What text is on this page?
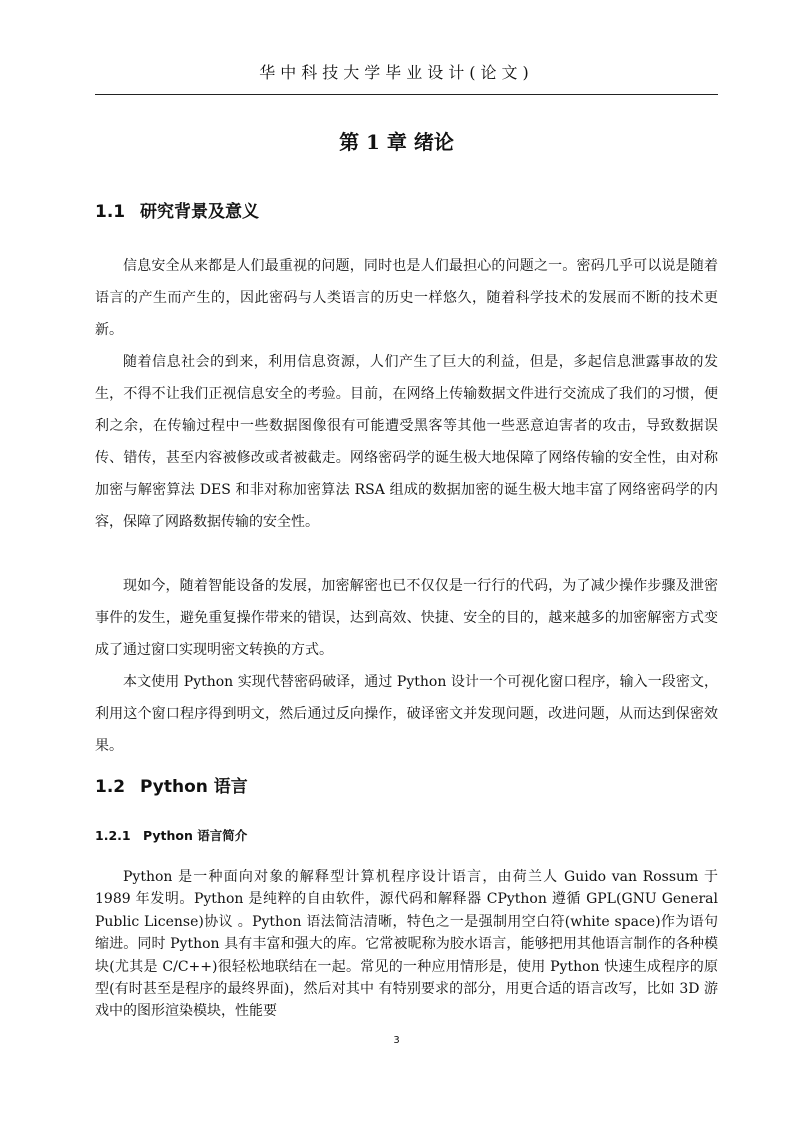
华中科技大学毕业设计(论文)
第 1 章 绪论
1.1 研究背景及意义

信息安全从来都是人们最重视的问题，同时也是人们最担心的问题之一。密码几乎可以说是随着语言的产生而产生的，因此密码与人类语言的历史一样悠久，随着科学技术的发展而不断的技术更新。

随着信息社会的到来，利用信息资源，人们产生了巨大的利益，但是，多起信息泄露事故的发生，不得不让我们正视信息安全的考验。目前，在网络上传输数据文件进行交流成了我们的习惯，便利之余，在传输过程中一些数据图像很有可能遭受黑客等其他一些恶意迫害者的攻击，导致数据误传、错传，甚至内容被修改或者被截走。网络密码学的诞生极大地保障了网络传输的安全性，由对称加密与解密算法 DES 和非对称加密算法 RSA 组成的数据加密的诞生极大地丰富了网络密码学的内容，保障了网路数据传输的安全性。

现如今，随着智能设备的发展，加密解密也已不仅仅是一行行的代码，为了减少操作步骤及泄密事件的发生，避免重复操作带来的错误，达到高效、快捷、安全的目的，越来越多的加密解密方式变成了通过窗口实现明密文转换的方式。

本文使用 Python 实现代替密码破译，通过 Python 设计一个可视化窗口程序，输入一段密文，利用这个窗口程序得到明文，然后通过反向操作，破译密文并发现问题，改进问题，从而达到保密效果。

1.2 Python 语言
1.2.1 Python 语言简介

Python 是一种面向对象的解释型计算机程序设计语言，由荷兰人 Guido van Rossum 于 1989 年发明。Python 是纯粹的自由软件，源代码和解释器 CPython 遵循 GPL(GNU General Public License)协议 。Python 语法简洁清晰，特色之一是强制用空白符(white space)作为语句缩进。同时 Python 具有丰富和强大的库。它常被昵称为胶水语言，能够把用其他语言制作的各种模块(尤其是 C/C++)很轻松地联结在一起。常见的一种应用情形是，使用 Python 快速生成程序的原型(有时甚至是程序的最终界面)，然后对其中 有特别要求的部分，用更合适的语言改写，比如 3D 游戏中的图形渲染模块，性能要

3
